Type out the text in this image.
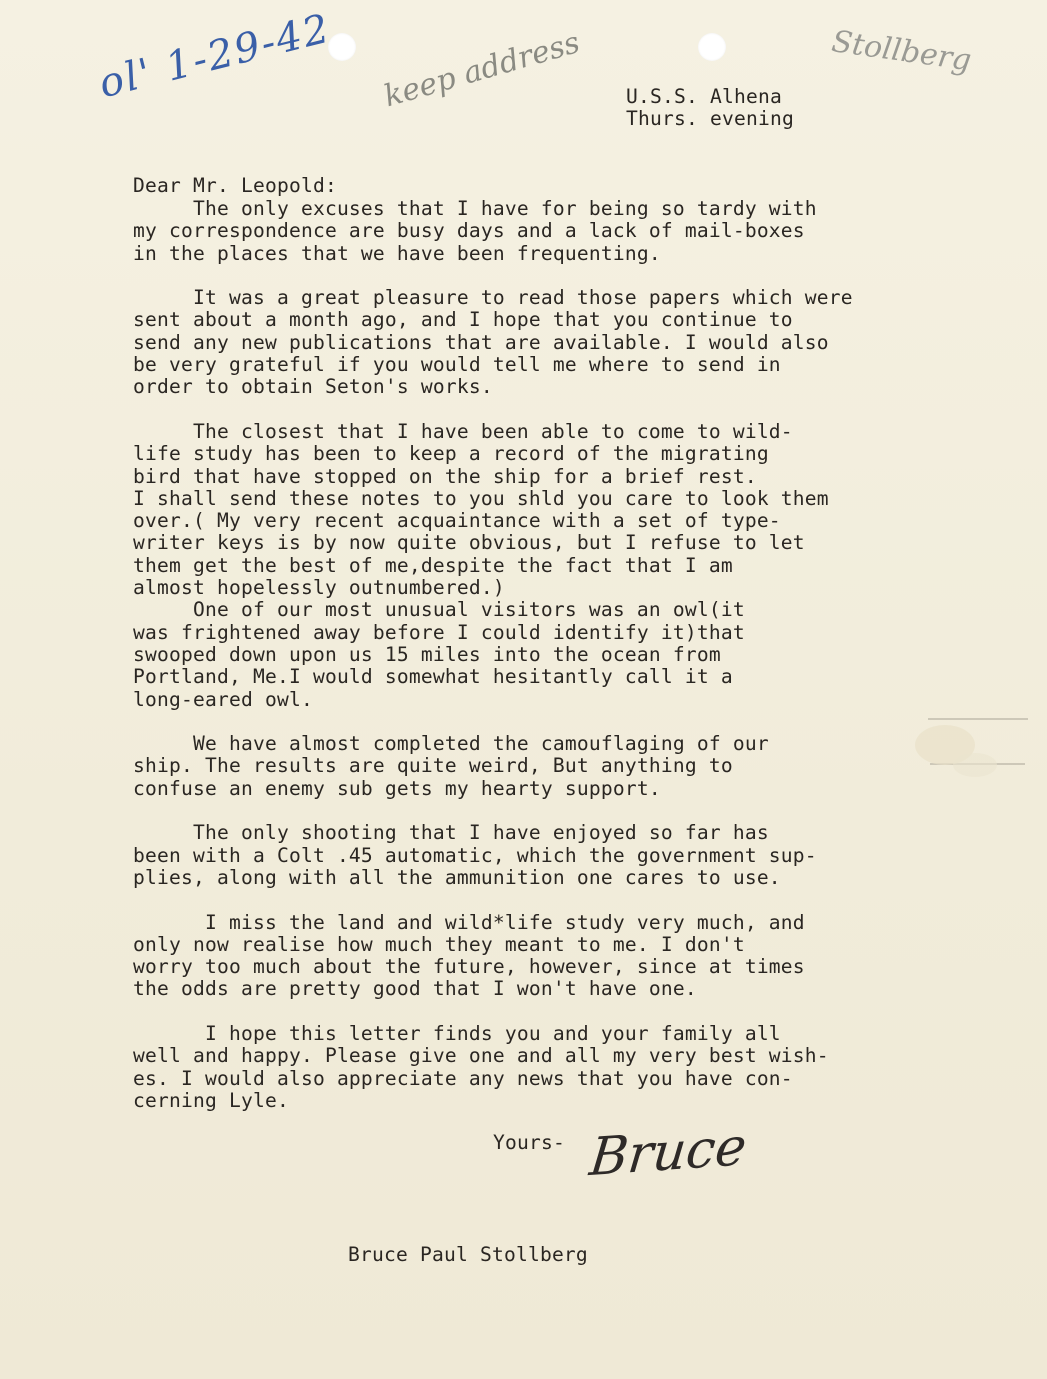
ol' 1-29-42 keep address	Stollberg
U.S.S. Alhena
Thurs. evening
Dear Mr. Leopold:
The only excuses that I have for being so tardy with
my correspondence are busy days and a lack of mail-boxes
in the places that we have been frequenting.

It was a great pleasure to read those papers which were
sent about a month ago, and I hope that you continue to
send any new publications that are available. I would also
be very grateful if you would tell me where to send in
order to obtain Seton's works.

The closest that I have been able to come to wild-
life study has been to keep a record of the migrating
bird that have stopped on the ship for a brief rest.
I shall send these notes to you shld you care to look them
over.( My very recent acquaintance with a set of type-
writer keys is by now quite obvious, but I refuse to let
them get the best of me,despite the fact that I am
almost hopelessly outnumbered.)
One of our most unusual visitors was an owl(it
was frightened away before I could identify it)that
swooped down upon us 15 miles into the ocean from
Portland, Me.I would somewhat hesitantly call it a
long-eared owl.

We have almost completed the camouflaging of our
ship. The results are quite weird, But anything to
confuse an enemy sub gets my hearty support.

The only shooting that I have enjoyed so far has
been with a Colt .45 automatic, which the government sup-
plies, along with all the ammunition one cares to use.

I miss the land and wild*life study very much, and
only now realise how much they meant to me. I don't
worry too much about the future, however, since at times
the odds are pretty good that I won't have one.

I hope this letter finds you and your family all
well and happy. Please give one and all my very best wish-
es. I would also appreciate any news that you have con-
cerning Lyle.
Yours- Bruce
Bruce Paul Stollberg
